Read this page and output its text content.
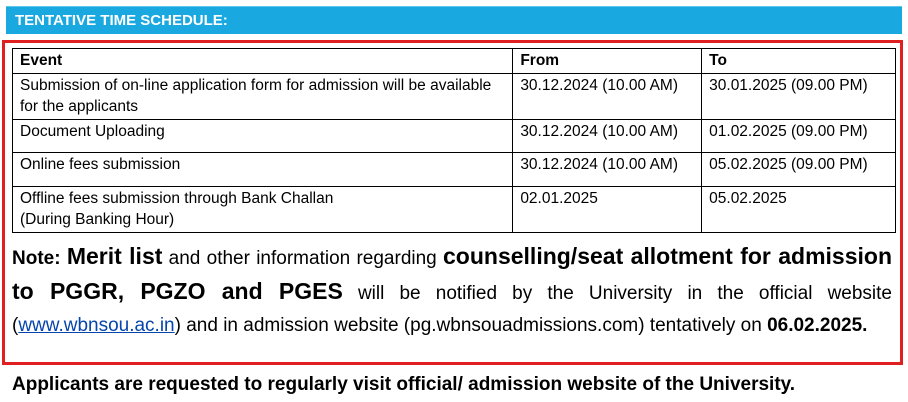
TENTATIVE TIME SCHEDULE:
Event	From	To
Submission of on-line application form for admission will be available for the applicants	30.12.2024 (10.00 AM)	30.01.2025 (09.00 PM)
Document Uploading	30.12.2024 (10.00 AM)	01.02.2025 (09.00 PM)
Online fees submission	30.12.2024 (10.00 AM)	05.02.2025 (09.00 PM)
Offline fees submission through Bank Challan
(During Banking Hour)	02.01.2025	05.02.2025
Note: Merit list and other information regarding counselling/seat allotment for admission to PGGR, PGZO and PGES will be notified by the University in the official website (www.wbnsou.ac.in) and in admission website (pg.wbnsouadmissions.com) tentatively on 06.02.2025.
Applicants are requested to regularly visit official/ admission website of the University.
